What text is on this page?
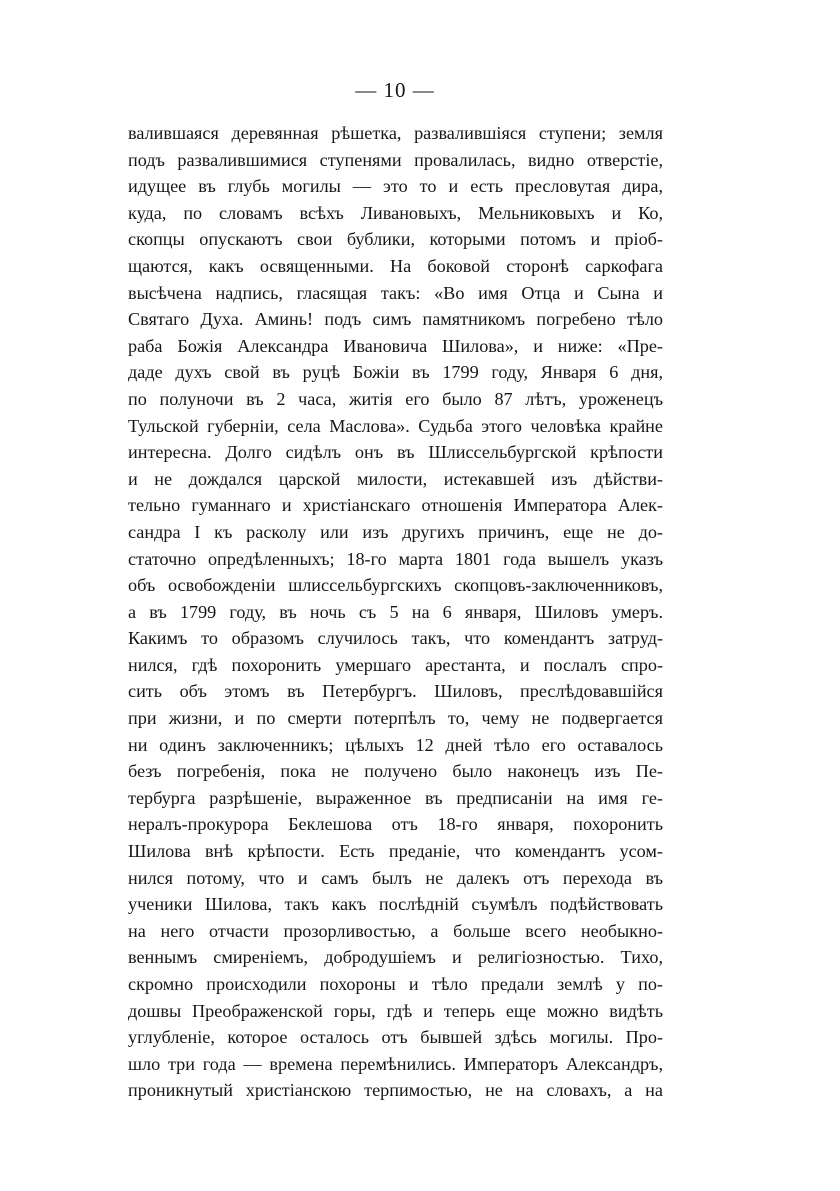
— 10 —
валившаяся деревянная рѣшетка, развалившіяся ступени; земля
подъ развалившимися ступенями провалилась, видно отверстіе,
идущее въ глубь могилы — это то и есть пресловутая дира,
куда, по словамъ всѣхъ Ливановыхъ, Мельниковыхъ и Ко,
скопцы опускаютъ свои бублики, которыми потомъ и пріоб-
щаются, какъ освященными. На боковой сторонѣ саркофага
высѣчена надпись, гласящая такъ: «Во имя Отца и Сына и
Святаго Духа. Аминь! подъ симъ памятникомъ погребено тѣло
раба Божія Александра Ивановича Шилова», и ниже: «Пре-
даде духъ свой въ руцѣ Божіи въ 1799 году, Января 6 дня,
по полуночи въ 2 часа, житія его было 87 лѣтъ, уроженецъ
Тульской губерніи, села Маслова». Судьба этого человѣка крайне
интересна. Долго сидѣлъ онъ въ Шлиссельбургской крѣпости
и не дождался царской милости, истекавшей изъ дѣйстви-
тельно гуманнаго и христіанскаго отношенія Императора Алек-
сандра I къ расколу или изъ другихъ причинъ, еще не до-
статочно опредѣленныхъ; 18-го марта 1801 года вышелъ указъ
объ освобожденіи шлиссельбургскихъ скопцовъ-заключенниковъ,
а въ 1799 году, въ ночь съ 5 на 6 января, Шиловъ умеръ.
Какимъ то образомъ случилось такъ, что комендантъ затруд-
нился, гдѣ похоронить умершаго арестанта, и послалъ спро-
сить объ этомъ въ Петербургъ. Шиловъ, преслѣдовавшійся
при жизни, и по смерти потерпѣлъ то, чему не подвергается
ни одинъ заключенникъ; цѣлыхъ 12 дней тѣло его оставалось
безъ погребенія, пока не получено было наконецъ изъ Пе-
тербурга разрѣшеніе, выраженное въ предписаніи на имя ге-
нералъ-прокурора Беклешова отъ 18-го января, похоронить
Шилова внѣ крѣпости. Есть преданіе, что комендантъ усом-
нился потому, что и самъ былъ не далекъ отъ перехода въ
ученики Шилова, такъ какъ послѣдній съумѣлъ подѣйствовать
на него отчасти прозорливостью, а больше всего необыкно-
веннымъ смиреніемъ, добродушіемъ и религіозностью. Тихо,
скромно происходили похороны и тѣло предали землѣ у по-
дошвы Преображенской горы, гдѣ и теперь еще можно видѣть
углубленіе, которое осталось отъ бывшей здѣсь могилы. Про-
шло три года — времена перемѣнились. Императоръ Александръ,
проникнутый христіанскою терпимостью, не на словахъ, а на
